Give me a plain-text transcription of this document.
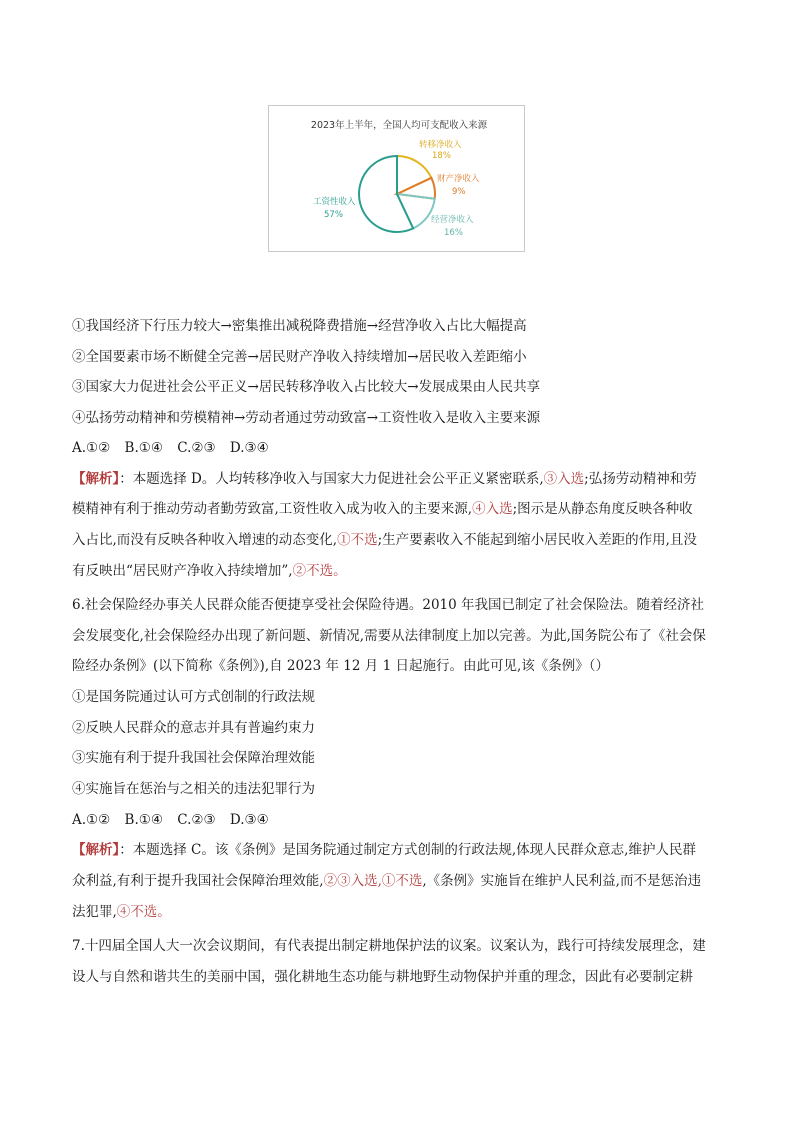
2023年上半年，全国人均可支配收入来源
转移净收入
18%
财产净收入
9%
工资性收入
57%	经营净收入
16%

①我国经济下行压力较大→密集推出减税降费措施→经营净收入占比大幅提高

②全国要素市场不断健全完善→居民财产净收入持续增加→居民收入差距缩小

③国家大力促进社会公平正义→居民转移净收入占比较大→发展成果由人民共享

④弘扬劳动精神和劳模精神→劳动者通过劳动致富→工资性收入是收入主要来源

A.①② B.①④ C.②③ D.③④

【解析】：本题选择 D。人均转移净收入与国家大力促进社会公平正义紧密联系,③入选;弘扬劳动精神和劳

模精神有利于推动劳动者勤劳致富,工资性收入成为收入的主要来源,④入选;图示是从静态角度反映各种收

入占比,而没有反映各种收入增速的动态变化,①不选;生产要素收入不能起到缩小居民收入差距的作用,且没

有反映出“居民财产净收入持续增加”,②不选。

6.社会保险经办事关人民群众能否便捷享受社会保险待遇。2010 年我国已制定了社会保险法。随着经济社

会发展变化,社会保险经办出现了新问题、新情况,需要从法律制度上加以完善。为此,国务院公布了《社会保

险经办条例》(以下简称《条例》),自 2023 年 12 月 1 日起施行。由此可见,该《条例》（）

①是国务院通过认可方式创制的行政法规

②反映人民群众的意志并具有普遍约束力

③实施有利于提升我国社会保障治理效能

④实施旨在惩治与之相关的违法犯罪行为

A.①② B.①④ C.②③ D.③④

【解析】：本题选择 C。该《条例》是国务院通过制定方式创制的行政法规,体现人民群众意志,维护人民群

众利益,有利于提升我国社会保障治理效能,②③入选,①不选,《条例》实施旨在维护人民利益,而不是惩治违

法犯罪,④不选。

7.十四届全国人大一次会议期间，有代表提出制定耕地保护法的议案。议案认为，践行可持续发展理念，建

设人与自然和谐共生的美丽中国，强化耕地生态功能与耕地野生动物保护并重的理念，因此有必要制定耕
